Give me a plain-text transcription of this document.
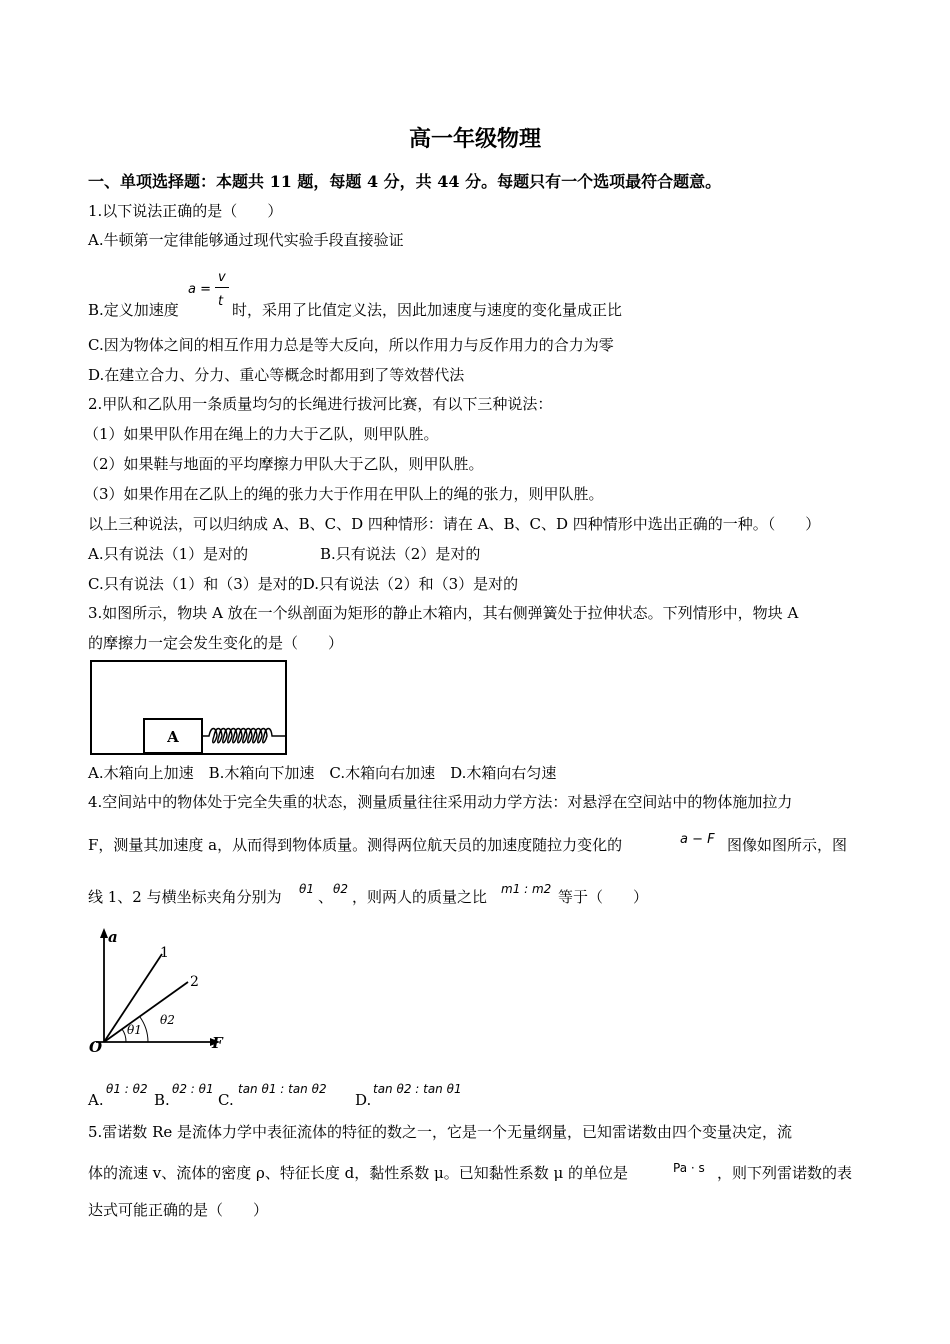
高一年级物理
一、单项选择题：本题共 11 题，每题 4 分，共 44 分。每题只有一个选项最符合题意。
1.以下说法正确的是（　　）
A.牛顿第一定律能够通过现代实验手段直接验证
B.定义加速度
a =
v
t 时，采用了比值定义法，因此加速度与速度的变化量成正比
C.因为物体之间的相互作用力总是等大反向，所以作用力与反作用力的合力为零
D.在建立合力、分力、重心等概念时都用到了等效替代法
2.甲队和乙队用一条质量均匀的长绳进行拔河比赛，有以下三种说法：
（1）如果甲队作用在绳上的力大于乙队，则甲队胜。
（2）如果鞋与地面的平均摩擦力甲队大于乙队，则甲队胜。
（3）如果作用在乙队上的绳的张力大于作用在甲队上的绳的张力，则甲队胜。
以上三种说法，可以归纳成 A、B、C、D 四种情形：请在 A、B、C、D 四种情形中选出正确的一种。（　　）
A.只有说法（1）是对的	B.只有说法（2）是对的
C.只有说法（1）和（3）是对的D.只有说法（2）和（3）是对的
3.如图所示，物块 A 放在一个纵剖面为矩形的静止木箱内，其右侧弹簧处于拉伸状态。下列情形中，物块 A
的摩擦力一定会发生变化的是（　　）
A
A.木箱向上加速　B.木箱向下加速　C.木箱向右加速　D.木箱向右匀速
4.空间站中的物体处于完全失重的状态，测量质量往往采用动力学方法：对悬浮在空间站中的物体施加拉力
F，测量其加速度 a，从而得到物体质量。测得两位航天员的加速度随拉力变化的	a − F 图像如图所示，图
线 1、2 与横坐标夹角分别为 θ1 、 θ2 ，则两人的质量之比 m1 : m2 等于（　　）
a
F
O
1
2
θ1
θ2
A.
θ1 : θ2
B.
θ2 : θ1
C.
tan θ1 : tan θ2
D.
tan θ2 : tan θ1
5.雷诺数 Re 是流体力学中表征流体的特征的数之一，它是一个无量纲量，已知雷诺数由四个变量决定，流
体的流速 v、流体的密度 ρ、特征长度 d，黏性系数 μ。已知黏性系数 μ 的单位是	Pa · s ，则下列雷诺数的表
达式可能正确的是（　　）
